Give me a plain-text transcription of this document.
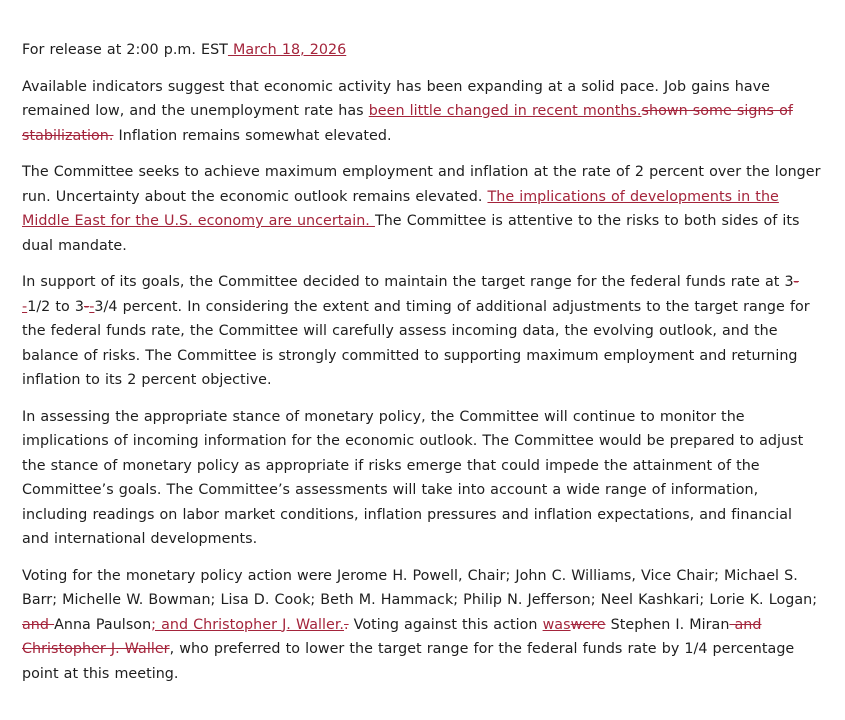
For release at 2:00 p.m. EST March 18, 2026

Available indicators suggest that economic activity has been expanding at a solid pace. Job gains have remained low, and the unemployment rate has been little changed in recent months.shown some signs of stabilization. Inflation remains somewhat elevated.

The Committee seeks to achieve maximum employment and inflation at the rate of 2 percent over the longer run. Uncertainty about the economic outlook remains elevated. The implications of developments in the Middle East for the U.S. economy are uncertain. The Committee is attentive to the risks to both sides of its dual mandate.

In support of its goals, the Committee decided to maintain the target range for the federal funds rate at 3--1/2 to 3--3/4 percent. In considering the extent and timing of additional adjustments to the target range for the federal funds rate, the Committee will carefully assess incoming data, the evolving outlook, and the balance of risks. The Committee is strongly committed to supporting maximum employment and returning inflation to its 2 percent objective.

In assessing the appropriate stance of monetary policy, the Committee will continue to monitor the implications of incoming information for the economic outlook. The Committee would be prepared to adjust the stance of monetary policy as appropriate if risks emerge that could impede the attainment of the Committee’s goals. The Committee’s assessments will take into account a wide range of information, including readings on labor market conditions, inflation pressures and inflation expectations, and financial and international developments.

Voting for the monetary policy action were Jerome H. Powell, Chair; John C. Williams, Vice Chair; Michael S. Barr; Michelle W. Bowman; Lisa D. Cook; Beth M. Hammack; Philip N. Jefferson; Neel Kashkari; Lorie K. Logan; and Anna Paulson; and Christopher J. Waller.. Voting against this action waswere Stephen I. Miran and Christopher J. Waller, who preferred to lower the target range for the federal funds rate by 1/4 percentage point at this meeting.
